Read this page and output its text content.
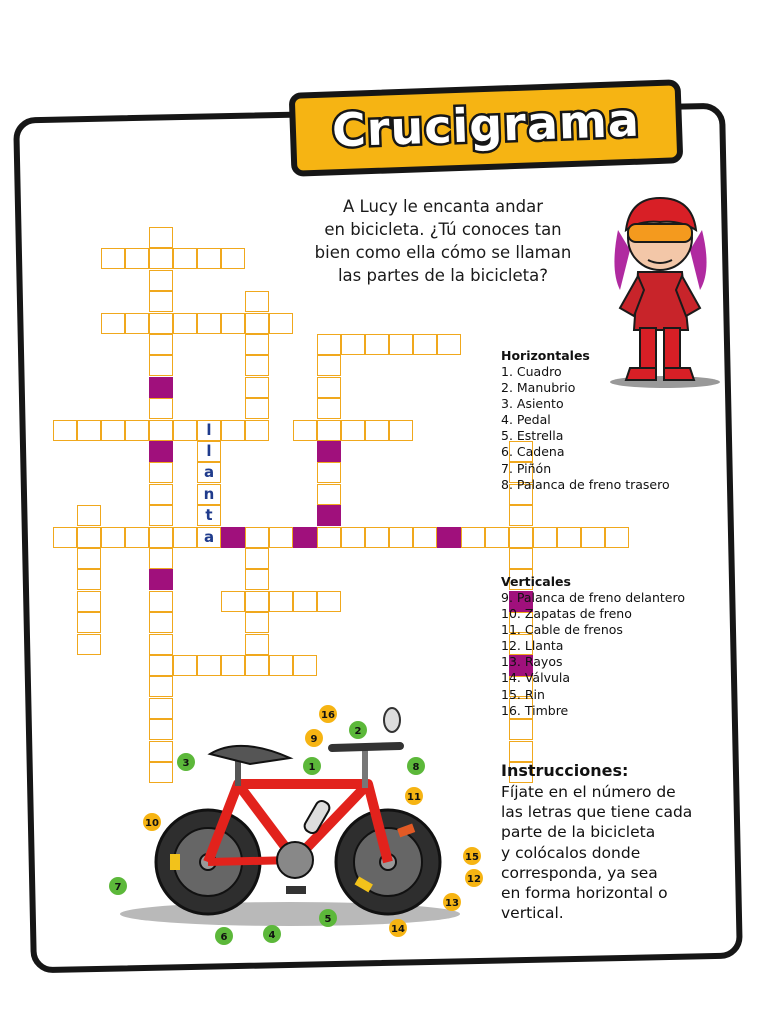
Crucigrama
A Lucy le encanta andar
en bicicleta. ¿Tú conoces tan
bien como ella cómo se llaman
las partes de la bicicleta?
l
l
a
n
t
a
Horizontales
1. Cuadro
2. Manubrio
3. Asiento
4. Pedal
5. Estrella
6. Cadena
7. Piñón
8. Palanca de freno trasero
Verticales
9. Palanca de freno delantero
10. Zapatas de freno
11. Cable de frenos
12. Llanta
13. Rayos
14. Válvula
15. Rin
16. Timbre
Instrucciones:
Fíjate en el número de
las letras que tiene cada
parte de la bicicleta
y colócalos donde
corresponda, ya sea
en forma horizontal o
vertical.
16
9
10
11
15
12
13
14
2
3	1	8
7
6	4
5
